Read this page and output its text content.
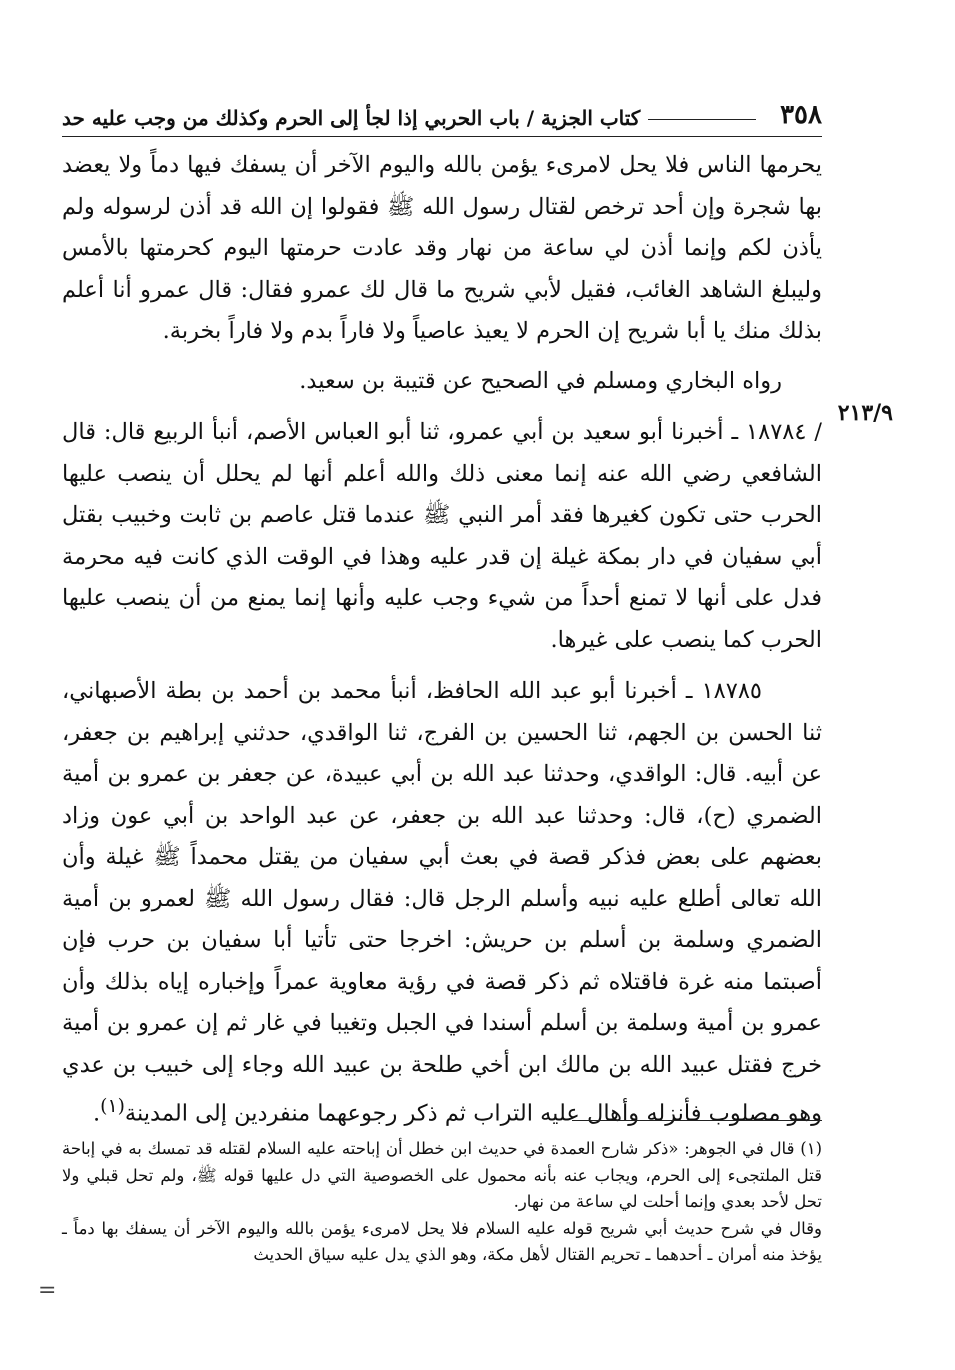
٣٥٨
كتاب الجزية / باب الحربي إذا لجأ إلى الحرم وكذلك من وجب عليه حد
٢١٣/٩

يحرمها الناس فلا يحل لامرىء يؤمن بالله واليوم الآخر أن يسفك فيها دماً ولا يعضد بها شجرة وإن أحد ترخص لقتال رسول الله ﷺ فقولوا إن الله قد أذن لرسوله ولم يأذن لكم وإنما أذن لي ساعة من نهار وقد عادت حرمتها اليوم كحرمتها بالأمس وليبلغ الشاهد الغائب، فقيل لأبي شريح ما قال لك عمرو فقال: قال عمرو أنا أعلم بذلك منك يا أبا شريح إن الحرم لا يعيذ عاصياً ولا فاراً بدم ولا فاراً بخربة.

رواه البخاري ومسلم في الصحيح عن قتيبة بن سعيد.

/ ١٨٧٨٤ ـ أخبرنا أبو سعيد بن أبي عمرو، ثنا أبو العباس الأصم، أنبأ الربيع قال: قال الشافعي رضي الله عنه إنما معنى ذلك والله أعلم أنها لم يحلل أن ينصب عليها الحرب حتى تكون كغيرها فقد أمر النبي ﷺ عندما قتل عاصم بن ثابت وخبيب بقتل أبي سفيان في دار بمكة غيلة إن قدر عليه وهذا في الوقت الذي كانت فيه محرمة فدل على أنها لا تمنع أحداً من شيء وجب عليه وأنها إنما يمنع من أن ينصب عليها الحرب كما ينصب على غيرها.

١٨٧٨٥ ـ أخبرنا أبو عبد الله الحافظ، أنبأ محمد بن أحمد بن بطة الأصبهاني، ثنا الحسن بن الجهم، ثنا الحسين بن الفرج، ثنا الواقدي، حدثني إبراهيم بن جعفر، عن أبيه. قال: الواقدي، وحدثنا عبد الله بن أبي عبيدة، عن جعفر بن عمرو بن أمية الضمري (ح)، قال: وحدثنا عبد الله بن جعفر، عن عبد الواحد بن أبي عون وزاد بعضهم على بعض فذكر قصة في بعث أبي سفيان من يقتل محمداً ﷺ غيلة وأن الله تعالى أطلع عليه نبيه وأسلم الرجل قال: فقال رسول الله ﷺ لعمرو بن أمية الضمري وسلمة بن أسلم بن حريش: اخرجا حتى تأتيا أبا سفيان بن حرب فإن أصبتما منه غرة فاقتلاه ثم ذكر قصة في رؤية معاوية عمراً وإخباره إياه بذلك وأن عمرو بن أمية وسلمة بن أسلم أسندا في الجبل وتغيبا في غار ثم إن عمرو بن أمية خرج فقتل عبيد الله بن مالك ابن أخي طلحة بن عبيد الله وجاء إلى خبيب بن عدي وهو مصلوب فأنزله وأهال عليه التراب ثم ذكر رجوعهما منفردين إلى المدينة$^{(١)}$.

(١) قال في الجوهر: «ذكر شارح العمدة في حديث ابن خطل أن إباحته عليه السلام لقتله قد تمسك به في إباحة قتل الملتجىء إلى الحرم، ويجاب عنه بأنه محمول على الخصوصية التي دل عليها قوله ﷺ، ولم تحل قبلي ولا تحل لأحد بعدي وإنما أحلت لي ساعة من نهار.

وقال في شرح حديث أبي شريح قوله عليه السلام فلا يحل لامرىء يؤمن بالله واليوم الآخر أن يسفك بها دماً ـ يؤخذ منه أمران ـ أحدهما ـ تحريم القتال لأهل مكة، وهو الذي يدل عليه سياق الحديث

=
